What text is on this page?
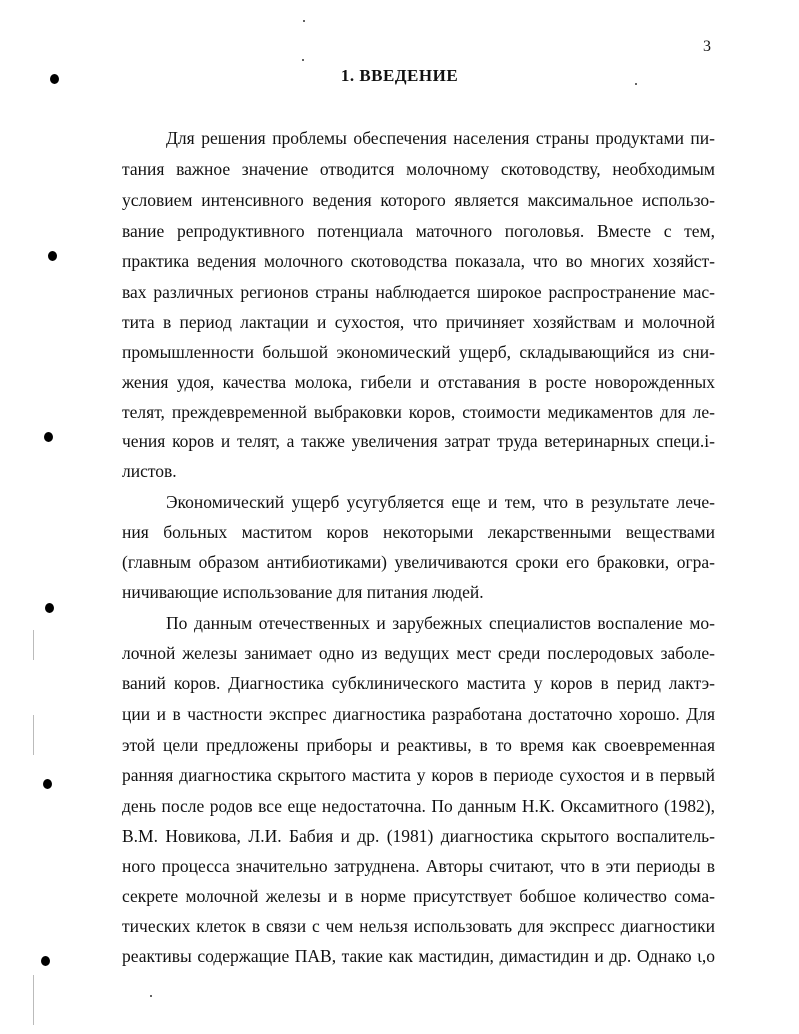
3
1. ВВЕДЕНИЕ
Для решения проблемы обеспечения населения страны продуктами пи-
тания важное значение отводится молочному скотоводству, необходимым
условием интенсивного ведения которого является максимальное использо-
вание репродуктивного потенциала маточного поголовья. Вместе с тем,
практика ведения молочного скотоводства показала, что во многих хозяйст-
вах различных регионов страны наблюдается широкое распространение мас-
тита в период лактации и сухостоя, что причиняет хозяйствам и молочной
промышленности большой экономический ущерб, складывающийся из сни-
жения удоя, качества молока, гибели и отставания в росте новорожденных
телят, преждевременной выбраковки коров, стоимости медикаментов для ле-
чения коров и телят, а также увеличения затрат труда ветеринарных специ.i-
листов.
Экономический ущерб усугубляется еще и тем, что в результате лече-
ния больных маститом коров некоторыми лекарственными веществами
(главным образом антибиотиками) увеличиваются сроки его браковки, огра-
ничивающие использование для питания людей.
По данным отечественных и зарубежных специалистов воспаление мо-
лочной железы занимает одно из ведущих мест среди послеродовых заболе-
ваний коров. Диагностика субклинического мастита у коров в перид лактэ-
ции и в частности экспрес диагностика разработана достаточно хорошо. Для
этой цели предложены приборы и реактивы, в то время как своевременная
ранняя диагностика скрытого мастита у коров в периоде сухостоя и в первый
день после родов все еще недостаточна. По данным Н.К. Оксамитного (1982),
В.М. Новикова, Л.И. Бабия и др. (1981) диагностика скрытого воспалитель-
ного процесса значительно затруднена. Авторы считают, что в эти периоды в
секрете молочной железы и в норме присутствует бобшое количество сома-
тических клеток в связи с чем нельзя использовать для экспресс диагностики
реактивы содержащие ПАВ, такие как мастидин, димастидин и др. Однако ι,о
